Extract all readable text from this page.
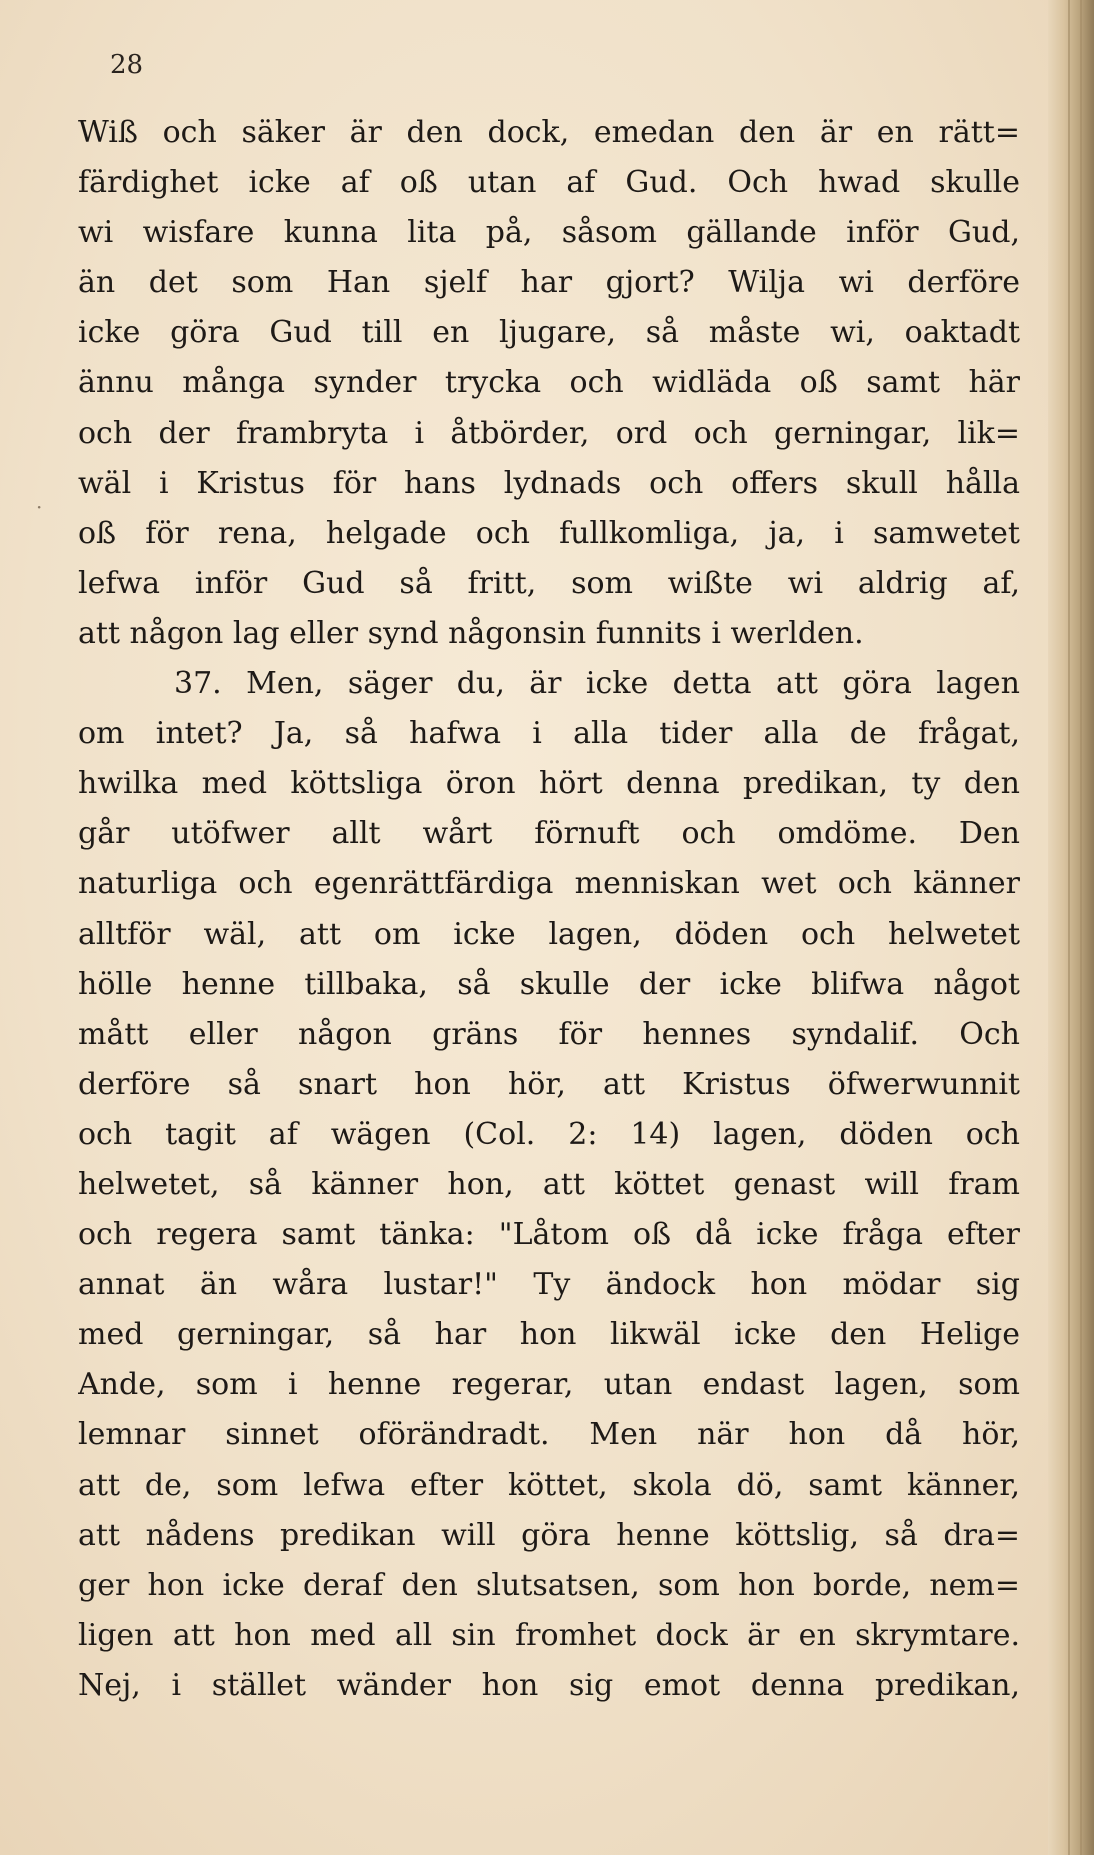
28
·
Wiß och säker är den dock, emedan den är en rätt=
färdighet icke af oß utan af Gud. Och hwad skulle
wi wisfare kunna lita på, såsom gällande inför Gud,
än det som Han sjelf har gjort? Wilja wi derföre
icke göra Gud till en ljugare, så måste wi, oaktadt
ännu många synder trycka och widläda oß samt här
och der frambryta i åtbörder, ord och gerningar, lik=
wäl i Kristus för hans lydnads och offers skull hålla
oß för rena, helgade och fullkomliga, ja, i samwetet
lefwa inför Gud så fritt, som wißte wi aldrig af,
att någon lag eller synd någonsin funnits i werlden.
37. Men, säger du, är icke detta att göra lagen
om intet? Ja, så hafwa i alla tider alla de frågat,
hwilka med köttsliga öron hört denna predikan, ty den
går utöfwer allt wårt förnuft och omdöme. Den
naturliga och egenrättfärdiga menniskan wet och känner
alltför wäl, att om icke lagen, döden och helwetet
hölle henne tillbaka, så skulle der icke blifwa något
mått eller någon gräns för hennes syndalif. Och
derföre så snart hon hör, att Kristus öfwerwunnit
och tagit af wägen (Col. 2: 14) lagen, döden och
helwetet, så känner hon, att köttet genast will fram
och regera samt tänka: "Låtom oß då icke fråga efter
annat än wåra lustar!" Ty ändock hon mödar sig
med gerningar, så har hon likwäl icke den Helige
Ande, som i henne regerar, utan endast lagen, som
lemnar sinnet oförändradt. Men när hon då hör,
att de, som lefwa efter köttet, skola dö, samt känner,
att nådens predikan will göra henne köttslig, så dra=
ger hon icke deraf den slutsatsen, som hon borde, nem=
ligen att hon med all sin fromhet dock är en skrymtare.
Nej, i stället wänder hon sig emot denna predikan,
